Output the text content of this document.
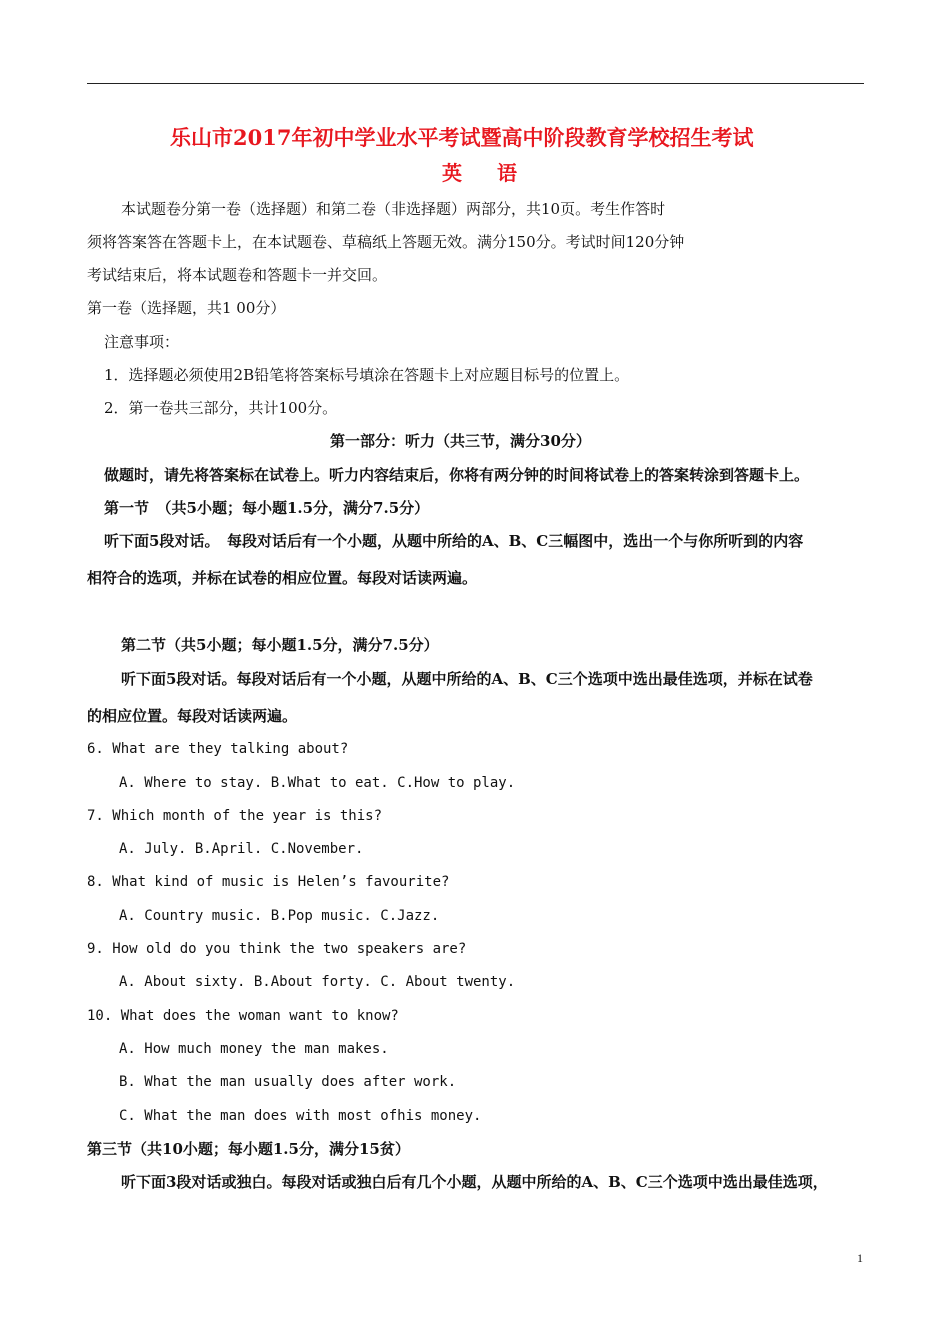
乐山市2017年初中学业水平考试暨高中阶段教育学校招生考试
英 语
本试题卷分第一卷（选择题）和第二卷（非选择题）两部分，共10页。考生作答时
须将答案答在答题卡上，在本试题卷、草稿纸上答题无效。满分150分。考试时间120分钟
考试结束后，将本试题卷和答题卡一并交回。
第一卷（选择题，共1 00分）
注意事项：
1．选择题必须使用2B铅笔将答案标号填涂在答题卡上对应题目标号的位置上。
2．第一卷共三部分，共计100分。
第一部分：听力（共三节，满分30分）
做题时，请先将答案标在试卷上。听力内容结束后，你将有两分钟的时间将试卷上的答案转涂到答题卡上。
第一节　（共5小题；每小题1.5分，满分7.5分）
听下面5段对话。　每段对话后有一个小题，从题中所给的A、B、C三幅图中，选出一个与你所听到的内容
相符合的选项，并标在试卷的相应位置。每段对话读两遍。
第二节（共5小题；每小题1.5分，满分7.5分）
听下面5段对话。每段对话后有一个小题，从题中所给的A、B、C三个选项中选出最佳选项，并标在试卷
的相应位置。每段对话读两遍。
6. What are they talking about?
A. Where to stay. B.What to eat. C.How to play.
7. Which month of the year is this?
A. July. B.April. C.November.
8. What kind of music is Helen’s favourite?
A. Country music. B.Pop music. C.Jazz.
9. How old do you think the two speakers are?
A. About sixty. B.About forty. C. About twenty.
10. What does the woman want to know?
A. How much money the man makes.
B. What the man usually does after work.
C. What the man does with most ofhis money.
第三节（共10小题；每小题1.5分，满分15贫）
听下面3段对话或独白。每段对话或独白后有几个小题，从题中所给的A、B、C三个选项中选出最佳选项，
1
